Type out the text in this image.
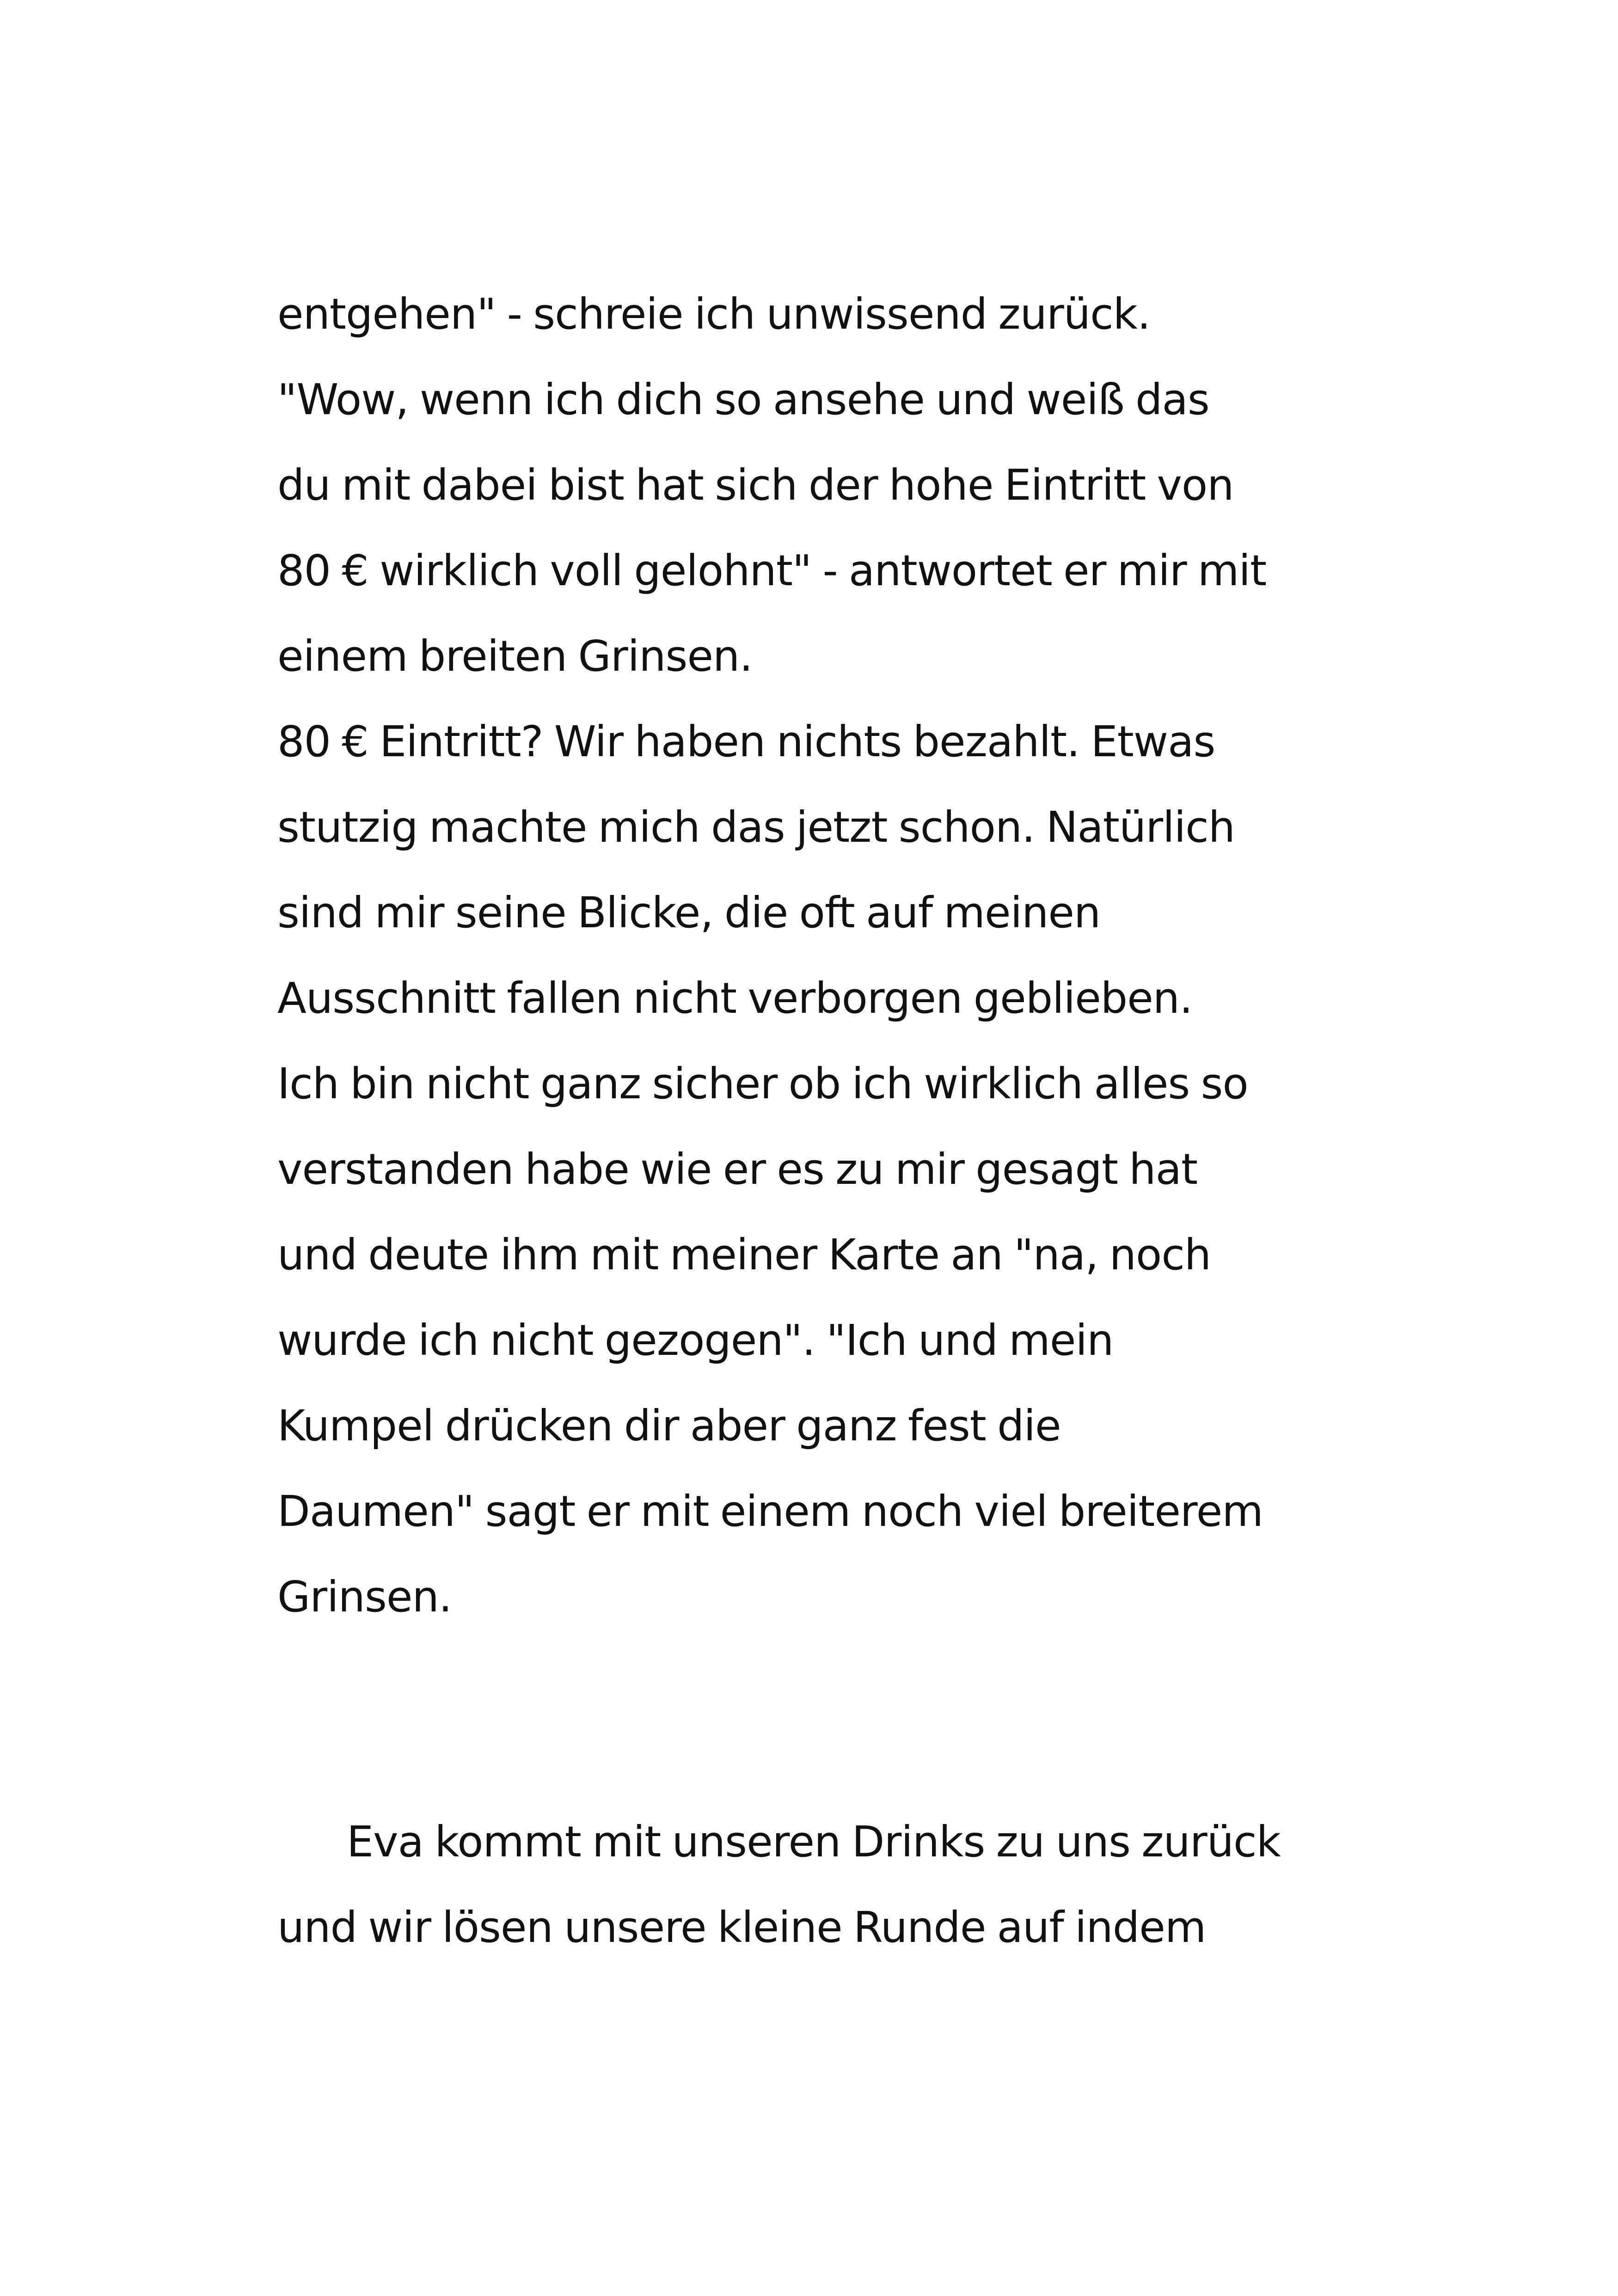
entgehen" - schreie ich unwissend zurück.
"Wow, wenn ich dich so ansehe und weiß das
du mit dabei bist hat sich der hohe Eintritt von
80 € wirklich voll gelohnt" - antwortet er mir mit
einem breiten Grinsen.
80 € Eintritt? Wir haben nichts bezahlt. Etwas
stutzig machte mich das jetzt schon. Natürlich
sind mir seine Blicke, die oft auf meinen
Ausschnitt fallen nicht verborgen geblieben.
Ich bin nicht ganz sicher ob ich wirklich alles so
verstanden habe wie er es zu mir gesagt hat
und deute ihm mit meiner Karte an "na, noch
wurde ich nicht gezogen". "Ich und mein
Kumpel drücken dir aber ganz fest die
Daumen" sagt er mit einem noch viel breiterem
Grinsen.
Eva kommt mit unseren Drinks zu uns zurück
und wir lösen unsere kleine Runde auf indem
